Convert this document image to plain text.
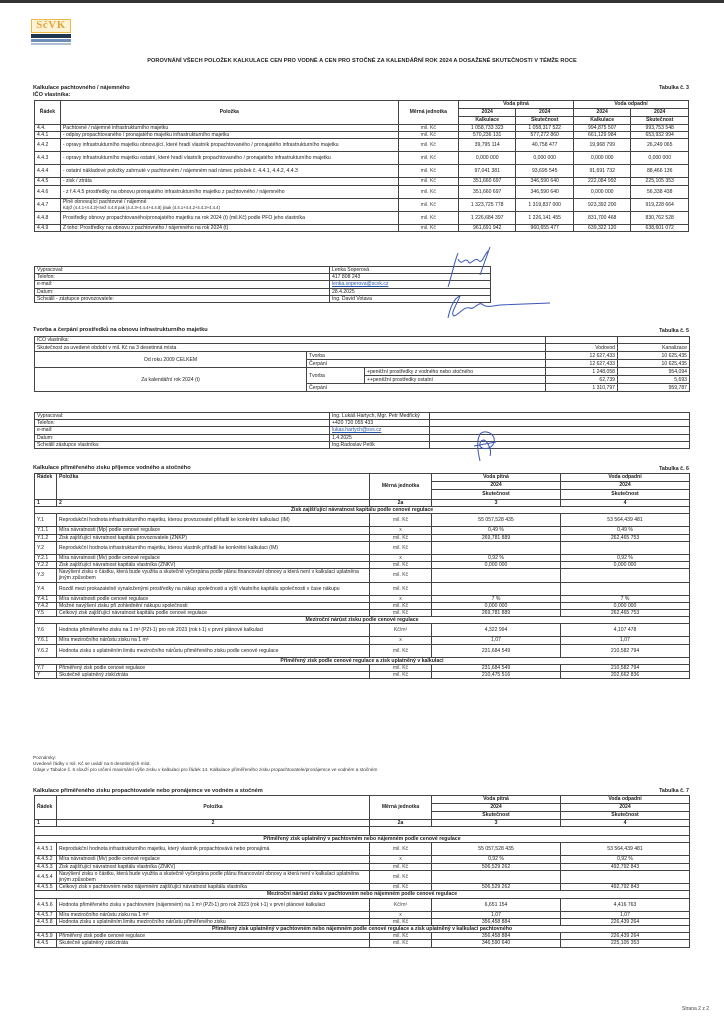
SčVK
POROVNÁNÍ VŠECH POLOŽEK KALKULACE CEN PRO VODNÉ A CEN PRO STOČNÉ ZA KALENDÁŘNÍ ROK 2024 A DOSAŽENÉ SKUTEČNOSTI V TÉMŽE ROCE
Kalkulace pachtovného / nájemného	Tabulka č. 3
IČO vlastníka:
Řádek	Položka	Měrná jednotka	Voda pitná		Voda odpadní	
			2024	2024	2024	2024
			Kalkulace	Skutečnost	Kalkulace	Skutečnost
4.4.	Pachtovné / nájemné infrastrukturního majetku	mil. Kč	1 058,733 323	1 058,317 522	994,875 507	993,753 548
4.4.1	- odpisy propachtovaného / pronajatého majetku infrastrukturního majetku	mil. Kč	570,236 131	577,272 860	661,129 984	653,932 994
4.4.2	- opravy infrastrukturního majetku obnovující, které hradí vlastník propachtovaného / pronajatého infrastrukturního majetku	mil. Kč	39,795 114	40,758 477	19,968 799	26,249 065
4.4.3	- opravy infrastrukturního majetku ostatní, které hradí vlastník propachtovaného / pronajatého infrastrukturního majetku	mil. Kč	0,000 000	0,000 000	0,000 000	0,000 000
4.4.4	- ostatní nákladové položky zahrnuté v pachtovném / nájemném nad rámec položek č. 4.4.1, 4.4.2, 4.4.3	mil. Kč	97,041 381	93,695 545	91,691 732	88,466 136
4.4.5	- zisk / ztráta	mil. Kč	351,660 697	346,590 640	222,084 992	225,105 353
4.4.6	- z ř.4.4.5 prostředky na obnovu pronajatého infrastrukturního majetku z pachtovného / nájemného	mil. Kč	351,660 697	346,590 640	0,000 000	56,338 438
4.4.7	Plně obnovující pachtovné / nájemné
Když (4.4.1+4.4.2)<než 4.4.8 pak (4.4.3+4.4.4+4.4.8) jinak (4.4.1+4.4.2+4.4.3+4.4.4)	mil. Kč	1 323,725 778	1 319,837 000	923,392 200	919,228 664
4.4.8	Prostředky obnovy propachtovaného/pronajatého majetku na rok 2024 (t) (mil.Kč) podle PFO jeho vlastníka	mil. Kč	1 226,684 397	1 226,141 455	831,700 468	830,762 528
4.4.9	Z toho: Prostředky na obnovu z pachtovného / nájemného na rok 2024 (t)	mil. Kč	961,691 942	960,655 477	639,322 120	638,601 072
Vypracoval:	Lenka Soperová
Telefon:	417 808 243
e-mail:	lenka.soperova@scvk.cz
Datum:	28.4.2025
Schválil - zástupce provozovatele:	Ing. David Votava
Tvorba a čerpání prostředků na obnovu infrastrukturního majetku	Tabulka č. 5
IČO vlastníka:				
Skutečnost za uvedené období v mil. Kč na 3 desetinná místa			Vodovod	Kanalizace
Od roku 2009 CELKEM	Tvorba		12 627,433	10 625,435
	Čerpání		12 627,433	10 625,435
Za kalendářní rok 2024 (t)	Tvorba	+peněžní prostředky z vodného nebo stočného	1 248,058	954,094
		++peněžní prostředky ostatní	62,739	5,693
	Čerpání		1 310,797	959,787
Vypracoval:	Ing. Lukáš Hartych, Mgr. Petr Medřický	
Telefon:	+420 720 055 433	
e-mail:	lukas.hartych@svs.cz	
Datum:	1.4.2025	
Schválil zástupce vlastníka:	Ing.Radoslav Petík	
Kalkulace přiměřeného zisku příjemce vodného a stočného	Tabulka č. 6
Řádek	Položka	Měrná jednotka	Voda pitná	Voda odpadní
			2024	2024
			Skutečnost	Skutečnost
1	2	2a	3	4
Zisk zajišťující návratnost kapitálu podle cenové regulace				
Y.1	Reprodukční hodnota infrastrukturního majetku, kterou provozovatel přiřadil ke konkrétní kalkulaci (IM)	mil. Kč	55 057,528 435	53 564,439 481
Y.1.1	Míra návratnosti (Mp) podle cenové regulace	x	0,49 %	0,49 %
Y.1.2	Zisk zajišťující návratnost kapitálu provozovatele (ZNKP)	mil. Kč	269,781 889	262,465 753
Y.2	Reprodukční hodnota infrastrukturního majetku, kterou vlastník přiřadil ke konkrétní kalkulaci (IM)	mil. Kč		
Y.2.1	Míra návratnosti (Mv) podle cenové regulace	x	0,92 %	0,92 %
Y.2.2	Zisk zajišťující návratnost kapitálu vlastníka (ZNKV)	mil. Kč	0,000 000	0,000 000
Y.3	Navýšení zisku o částku, která bude využita a skutečně vyčerpána podle plánu financování obnovy a která není v kalkulaci uplatněna jiným způsobem	mil. Kč		
Y.4	Rozdíl mezi prokazatelně vynaloženými prostředky na nákup společnosti a výší vlastního kapitálu společnosti v čase nákupu	mil. Kč		
Y.4.1	Míra návratnosti podle cenové regulace	x	7 %	7 %
Y.4.2	Možné navýšení zisku při zohlednění nákupu společnosti	mil. Kč	0,000 000	0,000 000
Y.5	Celkový zisk zajišťující návratnost kapitálu podle cenové regulace	mil. Kč	269,781 889	262,465 753
Meziroční nárůst zisku podle cenové regulace				
Y.6	Hodnota přiměřeného zisku na 1 m³ (PZt-1) pro rok 2023 (rok t-1) v první plánové kalkulaci	Kč/m³	4,322 994	4,107 478
Y.6.1	Míra meziročního nárůstu zisku na 1 m³	x	1,07	1,07
Y.6.2	Hodnota zisku s uplatněním limitu meziročního nárůstu přiměřeného zisku podle cenové regulace	mil. Kč	231,684 549	210,582 794
Přiměřený zisk podle cenové regulace a zisk uplatněný v kalkulaci				
Y.7	Přiměřený zisk podle cenové regulace	mil. Kč	231,684 549	210,582 794
Y	Skutečně uplatněný zisk/ztráta	mil. Kč	210,475 516	202,662 836
Poznámky:
Uvedené řádky v mil. Kč se uvádí na 6 desetinných míst.
Údaje v Tabulce č. 6 slouží pro určení maximální výše zisku v kalkulaci pro řádek 14. Kalkulace přiměřeného zisku propachtovatele/pronájemce ve vodném a stočném
Kalkulace přiměřeného zisku propachtovatele nebo pronájemce ve vodném a stočném	Tabulka č. 7
Řádek	Položka	Měrná jednotka	Voda pitná	Voda odpadní
			2024	2024
			Skutečnost	Skutečnost
1	2	2a	3	4

Přiměřený zisk uplatněný v pachtovném nebo nájemném podle cenové regulace				
4.4.5.1	Reprodukční hodnota infrastrukturního majetku, který vlastník propachtovává nebo pronajímá	mil. Kč	55 057,528 435	53 564,439 481
4.4.5.2	Míra návratnosti (Mv) podle cenové regulace	x	0,92 %	0,92 %
4.4.5.3	Zisk zajišťující návratnost kapitálu vlastníka (ZNKV)	mil. Kč	506,529 262	492,792 843
4.4.5.4	Navýšení zisku o částku, která bude využita a skutečně vyčerpána podle plánu financování obnovy a která není v kalkulaci uplatněna jiným způsobem	mil. Kč		
4.4.5.5	Celkový zisk v pachtovném nebo nájemném zajišťující návratnost kapitálu vlastníka	mil. Kč	506,529 262	492,792 843
Meziroční nárůst zisku v pachtovném nebo nájemném podle cenové regulace				
4.4.5.6	Hodnota přiměřeného zisku v pachtovném (nájemném) na 1 m³ (PZt-1) pro rok 2023 (rok t-1) v první plánové kalkulaci	Kč/m³	6,651 154	4,416 763
4.4.5.7	Míra meziročního nárůstu zisku na 1 m³	x	1,07	1,07
4.4.5.8	Hodnota zisku s uplatněním limitu meziročního nárůstu přiměřeného zisku	mil. Kč	356,458 884	226,439 264
Přiměřený zisk uplatněný v pachtovném nebo nájemném podle cenové regulace a zisk uplatněný v kalkulaci pachtovného				
4.4.5.9	Přiměřený zisk podle cenové regulace	mil. Kč	356,458 884	226,439 264
4.4.5	Skutečně uplatněný zisk/ztráta	mil. Kč	346,590 640	225,105 353
Strana 2 z 2
